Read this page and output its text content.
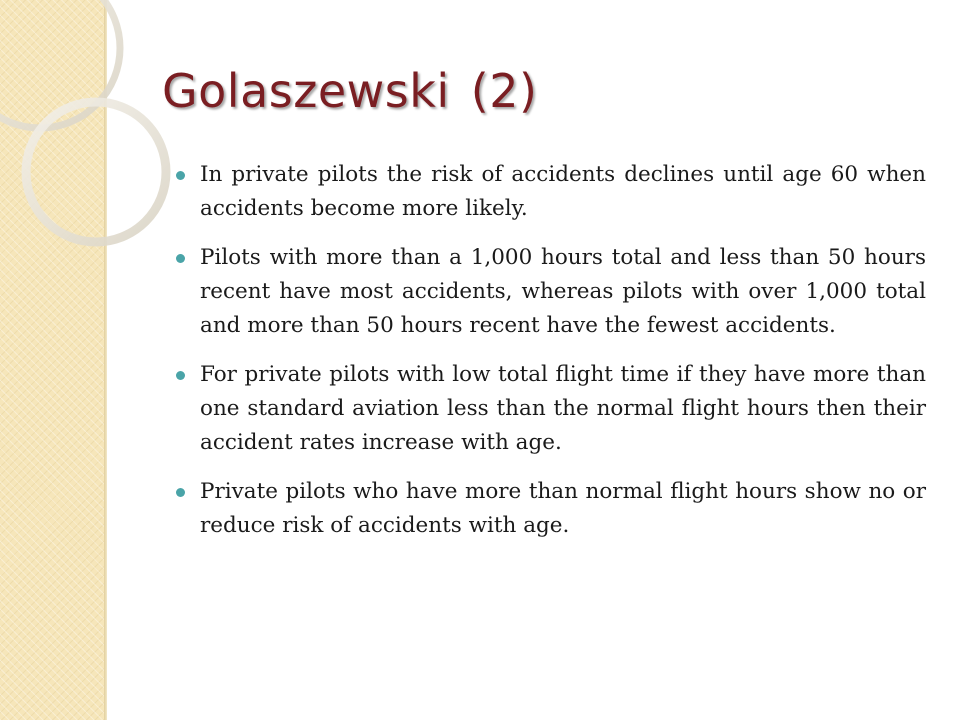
Golaszewski (2)
In private pilots the risk of accidents declines until age 60 when accidents become more likely.
Pilots with more than a 1,000 hours total and less than 50 hours recent have most accidents, whereas pilots with over 1,000 total and more than 50 hours recent have the fewest accidents.
For private pilots with low total flight time if they have more than one standard aviation less than the normal flight hours then their accident rates increase with age.
Private pilots who have more than normal flight hours show no or reduce risk of accidents with age.
